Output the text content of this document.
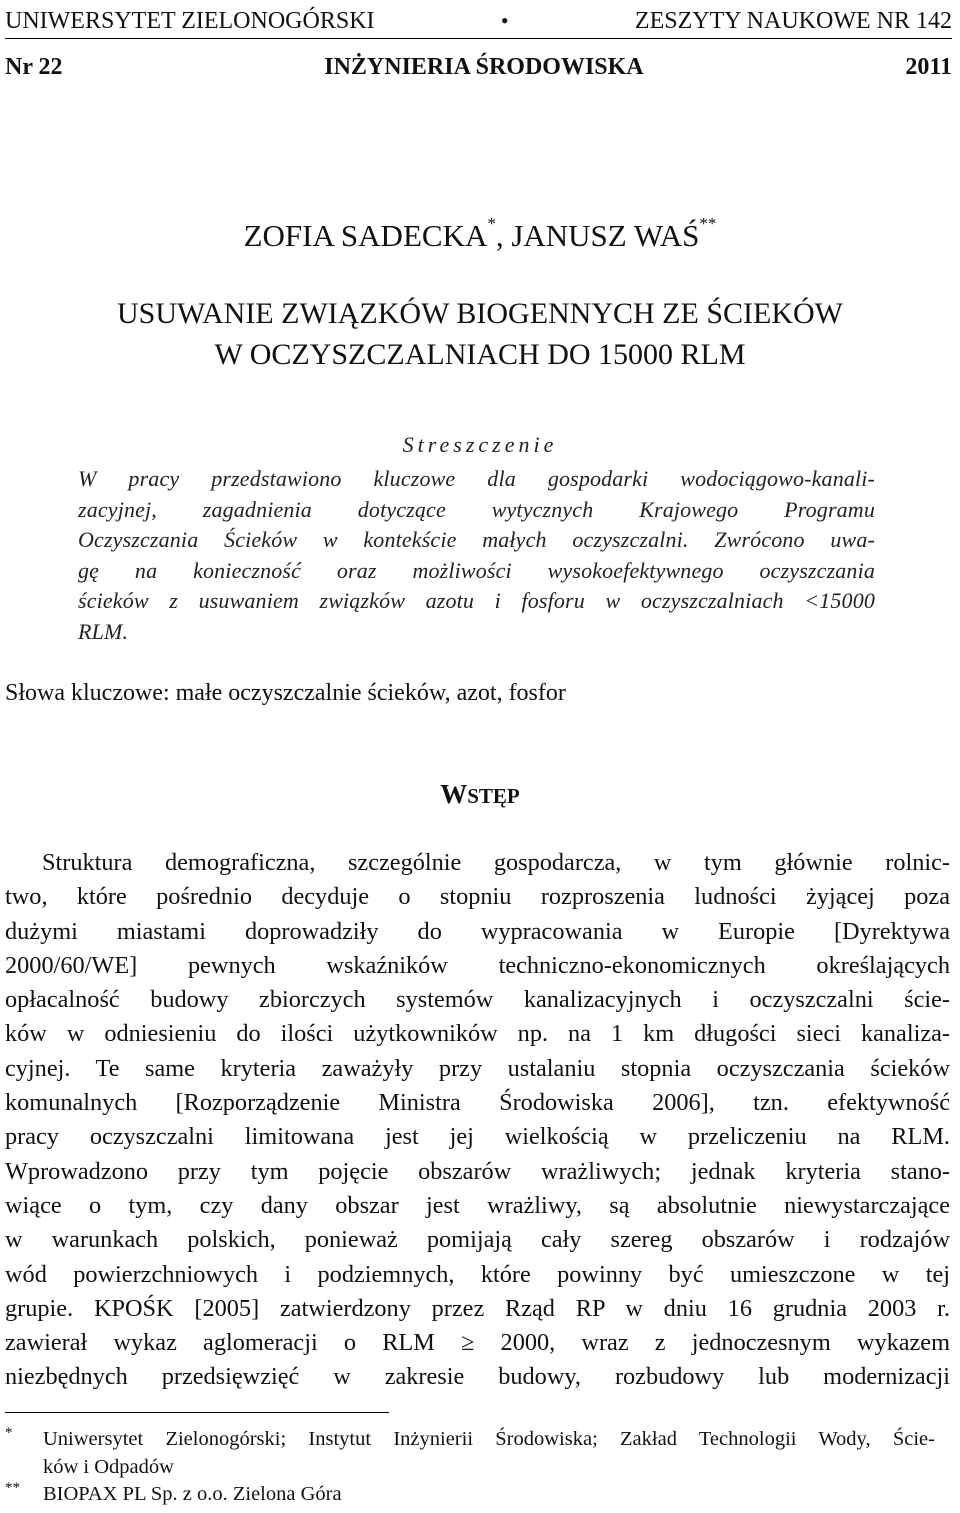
UNIWERSYTET ZIELONOGÓRSKI	•	ZESZYTY NAUKOWE NR 142
Nr 22	INŻYNIERIA ŚRODOWISKA	2011
ZOFIA SADECKA*, JANUSZ WAŚ**
USUWANIE ZWIĄZKÓW BIOGENNYCH ZE ŚCIEKÓW
W OCZYSZCZALNIACH DO 15000 RLM
Streszczenie
W pracy przedstawiono kluczowe dla gospodarki wodociągowo-kanali-
zacyjnej, zagadnienia dotyczące wytycznych Krajowego Programu
Oczyszczania Ścieków w kontekście małych oczyszczalni. Zwrócono uwa-
gę na konieczność oraz możliwości wysokoefektywnego oczyszczania
ścieków z usuwaniem związków azotu i fosforu w oczyszczalniach <15000
RLM.
Słowa kluczowe: małe oczyszczalnie ścieków, azot, fosfor
WSTĘP
Struktura demograficzna, szczególnie gospodarcza, w tym głównie rolnic-
two, które pośrednio decyduje o stopniu rozproszenia ludności żyjącej poza
dużymi miastami doprowadziły do wypracowania w Europie [Dyrektywa
2000/60/WE] pewnych wskaźników techniczno-ekonomicznych określających
opłacalność budowy zbiorczych systemów kanalizacyjnych i oczyszczalni ście-
ków w odniesieniu do ilości użytkowników np. na 1 km długości sieci kanaliza-
cyjnej. Te same kryteria zaważyły przy ustalaniu stopnia oczyszczania ścieków
komunalnych [Rozporządzenie Ministra Środowiska 2006], tzn. efektywność
pracy oczyszczalni limitowana jest jej wielkością w przeliczeniu na RLM.
Wprowadzono przy tym pojęcie obszarów wrażliwych; jednak kryteria stano-
wiące o tym, czy dany obszar jest wrażliwy, są absolutnie niewystarczające
w warunkach polskich, ponieważ pomijają cały szereg obszarów i rodzajów
wód powierzchniowych i podziemnych, które powinny być umieszczone w tej
grupie. KPOŚK [2005] zatwierdzony przez Rząd RP w dniu 16 grudnia 2003 r.
zawierał wykaz aglomeracji o RLM ≥ 2000, wraz z jednoczesnym wykazem
niezbędnych przedsięwzięć w zakresie budowy, rozbudowy lub modernizacji
* Uniwersytet Zielonogórski; Instytut Inżynierii Środowiska; Zakład Technologii Wody, Ście-
ków i Odpadów
** BIOPAX PL Sp. z o.o. Zielona Góra
